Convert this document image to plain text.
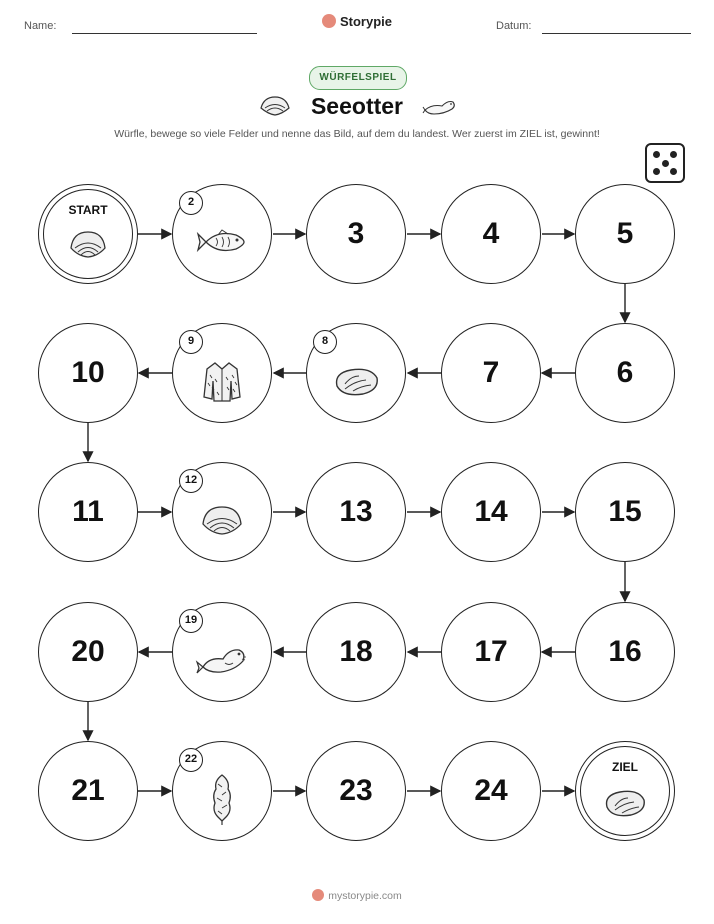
Name:	Storypie	Datum:
WÜRFELSPIEL
Seeotter
Würfle, bewege so viele Felder und nenne das Bild, auf dem du landest. Wer zuerst im ZIEL ist, gewinnt!
START
2
3	4	5
10
9	8
7	6
11
12
13	14	15
20
19
18	17	16
21
22
23	24
ZIEL
mystorypie.com
